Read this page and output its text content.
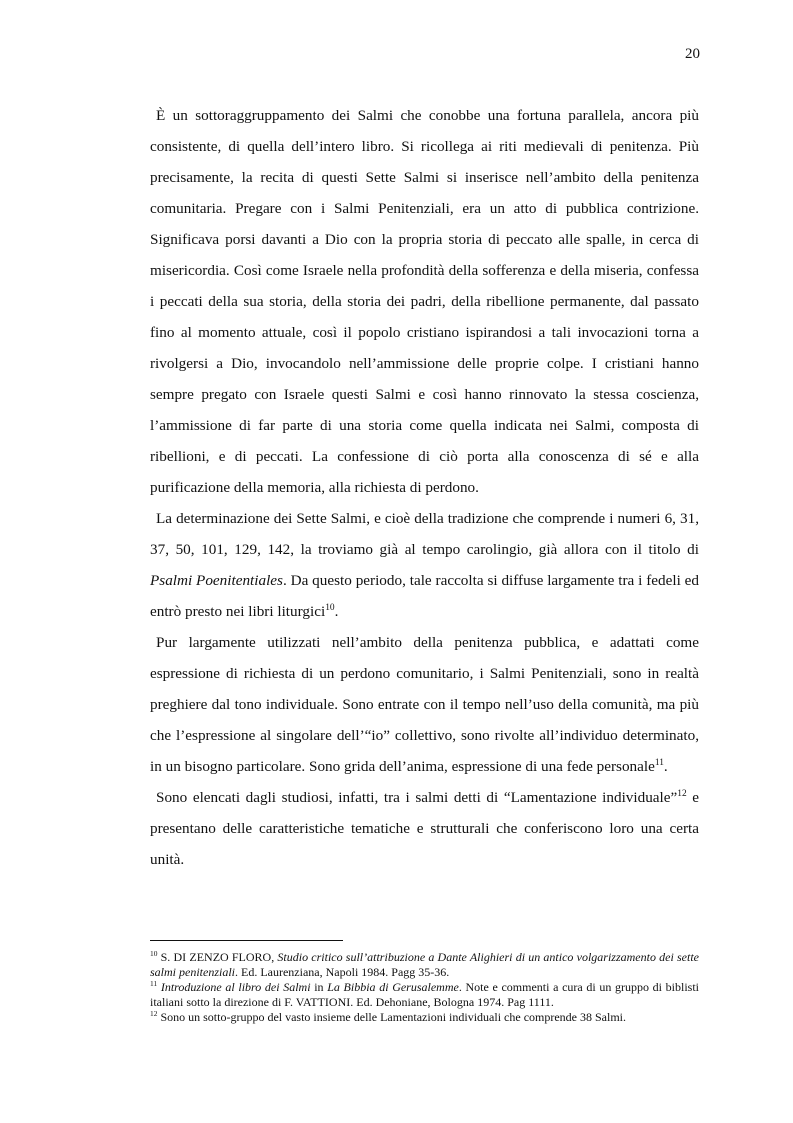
20

È un sottoraggruppamento dei Salmi che conobbe una fortuna parallela, ancora più consistente, di quella dell’intero libro. Si ricollega ai riti medievali di penitenza. Più precisamente, la recita di questi Sette Salmi si inserisce nell’ambito della penitenza comunitaria. Pregare con i Salmi Penitenziali, era un atto di pubblica contrizione. Significava porsi davanti a Dio con la propria storia di peccato alle spalle, in cerca di misericordia. Così come Israele nella profondità della sofferenza e della miseria, confessa i peccati della sua storia, della storia dei padri, della ribellione permanente, dal passato fino al momento attuale, così il popolo cristiano ispirandosi a tali invocazioni torna a rivolgersi a Dio, invocandolo nell’ammissione delle proprie colpe. I cristiani hanno sempre pregato con Israele questi Salmi e così hanno rinnovato la stessa coscienza, l’ammissione di far parte di una storia come quella indicata nei Salmi, composta di ribellioni, e di peccati. La confessione di ciò porta alla conoscenza di sé e alla purificazione della memoria, alla richiesta di perdono.

La determinazione dei Sette Salmi, e cioè della tradizione che comprende i numeri 6, 31, 37, 50, 101, 129, 142, la troviamo già al tempo carolingio, già allora con il titolo di Psalmi Poenitentiales. Da questo periodo, tale raccolta si diffuse largamente tra i fedeli ed entrò presto nei libri liturgici$^{10}$.

Pur largamente utilizzati nell’ambito della penitenza pubblica, e adattati come espressione di richiesta di un perdono comunitario, i Salmi Penitenziali, sono in realtà preghiere dal tono individuale. Sono entrate con il tempo nell’uso della comunità, ma più che l’espressione al singolare dell’“io” collettivo, sono rivolte all’individuo determinato, in un bisogno particolare. Sono grida dell’anima, espressione di una fede personale$^{11}$.

Sono elencati dagli studiosi, infatti, tra i salmi detti di “Lamentazione individuale”$^{12}$ e presentano delle caratteristiche tematiche e strutturali che conferiscono loro una certa unità.

$^{10}$ S. DI ZENZO FLORO, Studio critico sull’attribuzione a Dante Alighieri di un antico volgarizzamento dei sette salmi penitenziali. Ed. Laurenziana, Napoli 1984. Pagg 35-36.

$^{11}$ Introduzione al libro dei Salmi in La Bibbia di Gerusalemme. Note e commenti a cura di un gruppo di biblisti italiani sotto la direzione di F. VATTIONI. Ed. Dehoniane, Bologna 1974. Pag 1111.

$^{12}$ Sono un sotto-gruppo del vasto insieme delle Lamentazioni individuali che comprende 38 Salmi.
